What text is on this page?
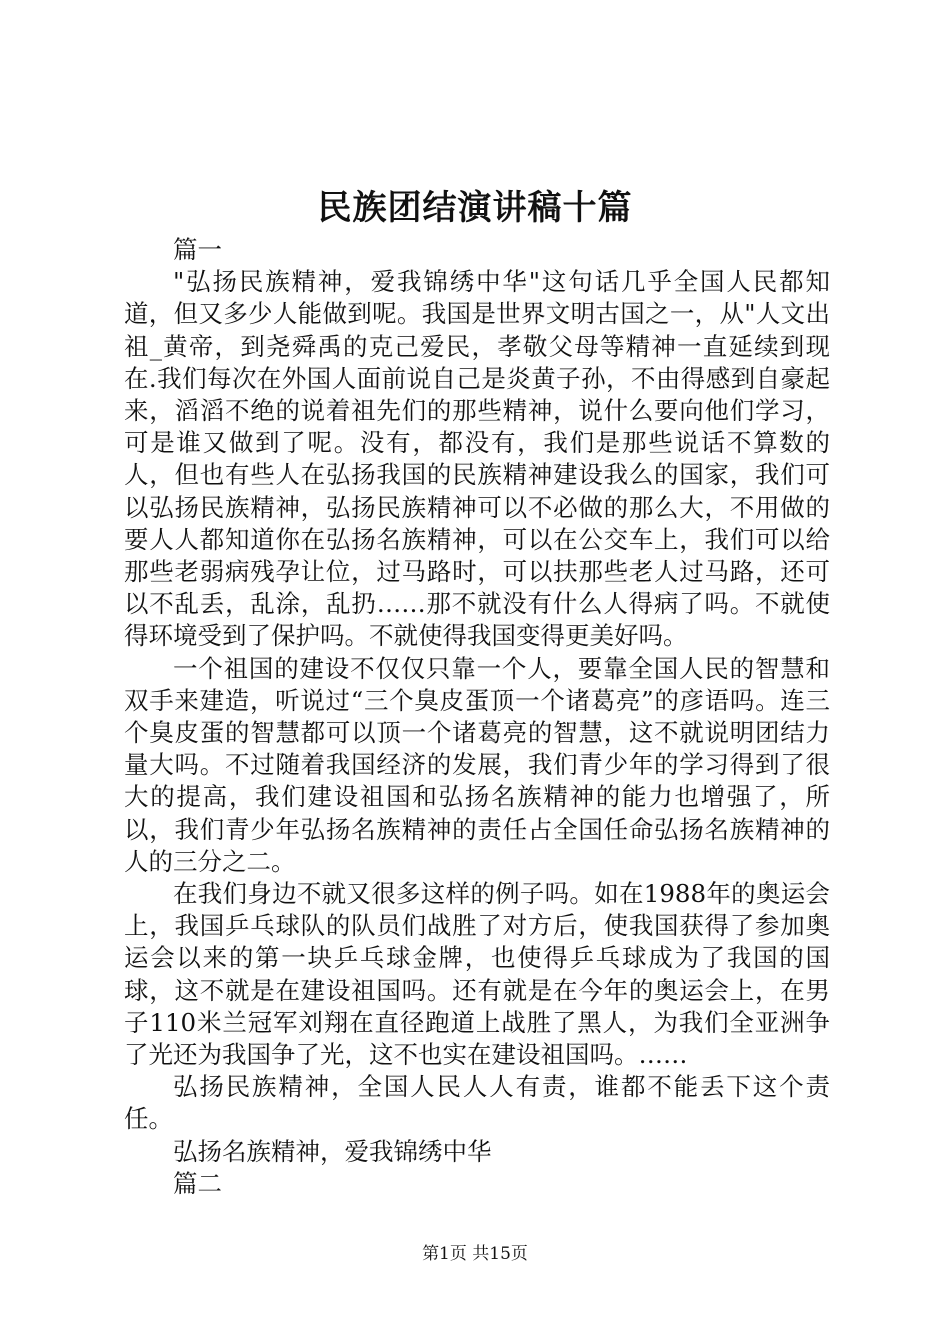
民族团结演讲稿十篇
篇一

"弘扬民族精神，爱我锦绣中华"这句话几乎全国人民都知道，但又多少人能做到呢。我国是世界文明古国之一，从"人文出祖_黄帝，到尧舜禹的克己爱民，孝敬父母等精神一直延续到现在.我们每次在外国人面前说自己是炎黄子孙，不由得感到自豪起来，滔滔不绝的说着祖先们的那些精神，说什么要向他们学习，可是谁又做到了呢。没有，都没有，我们是那些说话不算数的人，但也有些人在弘扬我国的民族精神建设我么的国家，我们可以弘扬民族精神，弘扬民族精神可以不必做的那么大，不用做的要人人都知道你在弘扬名族精神，可以在公交车上，我们可以给那些老弱病残孕让位，过马路时，可以扶那些老人过马路，还可以不乱丢，乱涂，乱扔……那不就没有什么人得病了吗。不就使得环境受到了保护吗。不就使得我国变得更美好吗。

一个祖国的建设不仅仅只靠一个人，要靠全国人民的智慧和双手来建造，听说过“三个臭皮蛋顶一个诸葛亮”的彦语吗。连三个臭皮蛋的智慧都可以顶一个诸葛亮的智慧，这不就说明团结力量大吗。不过随着我国经济的发展，我们青少年的学习得到了很大的提高，我们建设祖国和弘扬名族精神的能力也增强了，所以，我们青少年弘扬名族精神的责任占全国任命弘扬名族精神的人的三分之二。

在我们身边不就又很多这样的例子吗。如在1988年的奥运会上，我国乒乓球队的队员们战胜了对方后，使我国获得了参加奥运会以来的第一块乒乓球金牌，也使得乒乓球成为了我国的国球，这不就是在建设祖国吗。还有就是在今年的奥运会上，在男子110米兰冠军刘翔在直径跑道上战胜了黑人，为我们全亚洲争了光还为我国争了光，这不也实在建设祖国吗。……

弘扬民族精神，全国人民人人有责，谁都不能丢下这个责任。

弘扬名族精神，爱我锦绣中华
篇二
第1页 共15页
